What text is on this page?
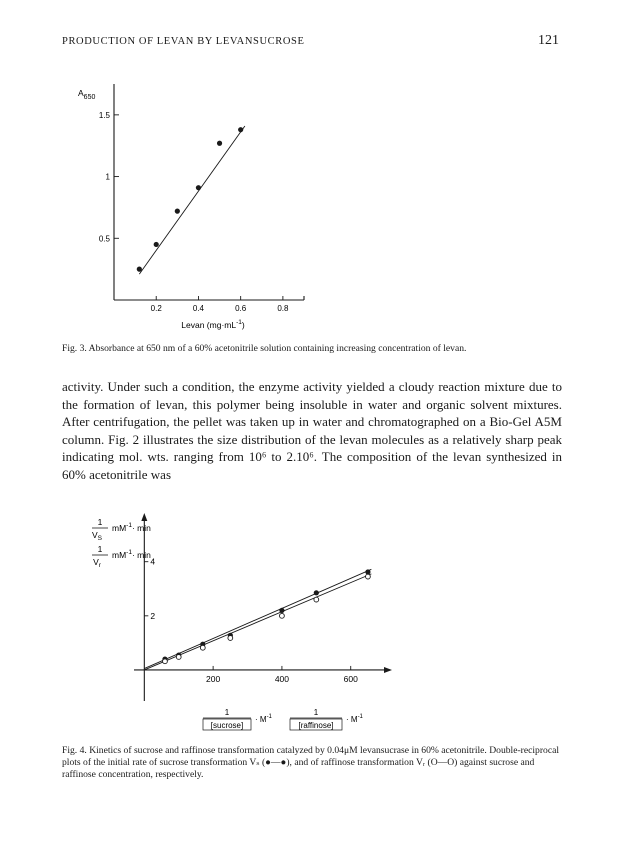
PRODUCTION OF LEVAN BY LEVANSUCROSE	121
0.2	0.4	0.6	0.8
0.5
1
1.5
$A_{650}$
Levan $(mg\cdot mL^{-1})$
Fig. 3. Absorbance at 650 nm of a 60% acetonitrile solution containing increasing concentration of levan.

activity. Under such a condition, the enzyme activity yielded a cloudy reaction mixture due to the formation of levan, this polymer being insoluble in water and organic solvent mixtures. After centrifugation, the pellet was taken up in water and chromatographed on a Bio-Gel A5M column. Fig. 2 illustrates the size distribution of the levan molecules as a relatively sharp peak indicating mol. wts. ranging from 10⁶ to 2.10⁶. The composition of the levan synthesized in 60% acetonitrile was

200	400	600
2
4
1
$V_S$
$mM^{-1}\cdot \min$
1
$V_r$
$mM^{-1}\cdot \min$
1
[sucrose]
· $M^{-1}$	1
[raffinose]
· $M^{-1}$
Fig. 4. Kinetics of sucrose and raffinose transformation catalyzed by 0.04μM levansucrase in 60% acetonitrile. Double-reciprocal plots of the initial rate of sucrose transformation Vₛ (●—●), and of raffinose transformation Vᵣ (O—O) against sucrose and raffinose concentration, respectively.
